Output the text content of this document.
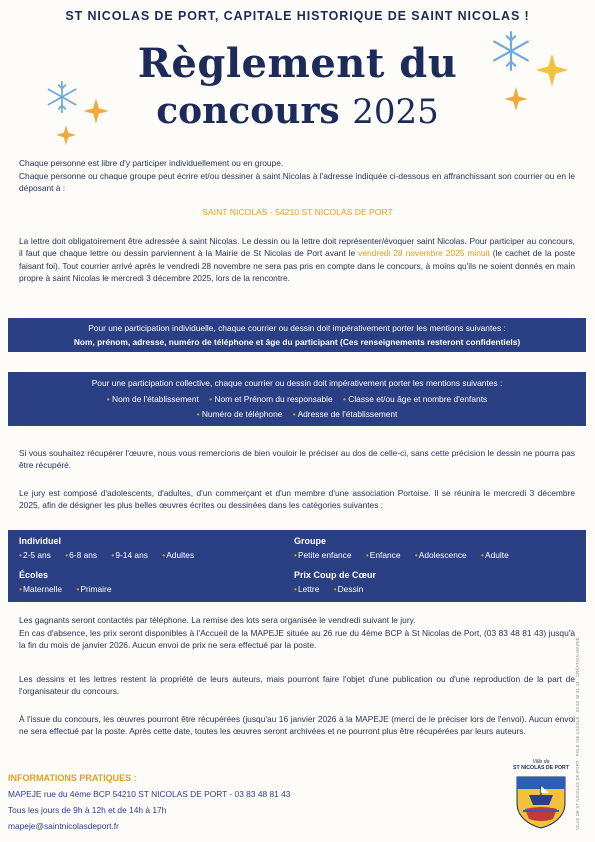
ST NICOLAS DE PORT, CAPITALE HISTORIQUE DE SAINT NICOLAS !
Règlement du
concours 2025
Chaque personne est libre d'y participer individuellement ou en groupe.
Chaque personne ou chaque groupe peut écrire et/ou dessiner à saint Nicolas à l'adresse indiquée ci-dessous en affranchissant son courrier ou en le déposant à :
SAINT NICOLAS - 54210 ST NICOLAS DE PORT
La lettre doit obligatoirement être adressée à saint Nicolas. Le dessin ou la lettre doit représenter/évoquer saint Nicolas. Pour participer au concours, il faut que chaque lettre ou dessin parviennent à la Mairie de St Nicolas de Port avant le vendredi 28 novembre 2025 minuit (le cachet de la poste faisant foi). Tout courrier arrivé après le vendredi 28 novembre ne sera pas pris en compte dans le concours, à moins qu'ils ne soient donnés en main propre à saint Nicolas le mercredi 3 décembre 2025, lors de la rencontre.
Pour une participation individuelle, chaque courrier ou dessin doit impérativement porter les mentions suivantes :
Nom, prénom, adresse, numéro de téléphone et âge du participant (Ces renseignements resteront confidentiels)
Pour une participation collective, chaque courrier ou dessin doit impérativement porter les mentions suivantes :
• Nom de l'établissement • Nom et Prénom du responsable • Classe et/ou âge et nombre d'enfants
• Numéro de téléphone • Adresse de l'établissement
Si vous souhaitez récupérer l'œuvre, nous vous remercions de bien vouloir le préciser au dos de celle-ci, sans cette précision le dessin ne pourra pas être récupéré.
Le jury est composé d'adolescents, d'adultes, d'un commerçant et d'un membre d'une association Portoise. Il se réunira le mercredi 3 décembre 2025, afin de désigner les plus belles œuvres écrites ou dessinées dans les catégories suivantes :
Individuel
•2-5 ans •6-8 ans •9-14 ans •Adultes
Écoles
•Maternelle •Primaire
Groupe
•Petite enfance •Enfance •Adolescence •Adulte
Prix Coup de Cœur
•Lettre •Dessin
Les gagnants seront contactés par téléphone. La remise des lots sera organisée le vendredi suivant le jury.
En cas d'absence, les prix seront disponibles à l'Accueil de la MAPEJE située au 26 rue du 4ème BCP à St Nicolas de Port, (03 83 48 81 43) jusqu'à la fin du mois de janvier 2026. Aucun envoi de prix ne sera effectué par la poste.
Les dessins et les lettres restent la propriété de leurs auteurs, mais pourront faire l'objet d'une publication ou d'une reproduction de la part de l'organisateur du concours.
À l'issue du concours, les œuvres pourront être récupérées (jusqu'au 16 janvier 2026 à la MAPEJE (merci de le préciser lors de l'envoi). Aucun envoi ne sera effectué par la poste. Après cette date, toutes les œuvres seront archivées et ne pourront plus être récupérées par leurs auteurs.
INFORMATIONS PRATIQUES :
MAPEJE rue du 4ème BCP 54210 ST NICOLAS DE PORT - 03 83 48 81 43
Tous les jours de 9h à 12h et de 14h à 17h
mapeje@saintnicolasdeport.fr
Ville de
ST NICOLAS DE PORT	VILLE DE ST NICOLAS DE PORT · POLE VIE LOCALE · 03 83 48 81 43 · CRÉATION MAIRIE
